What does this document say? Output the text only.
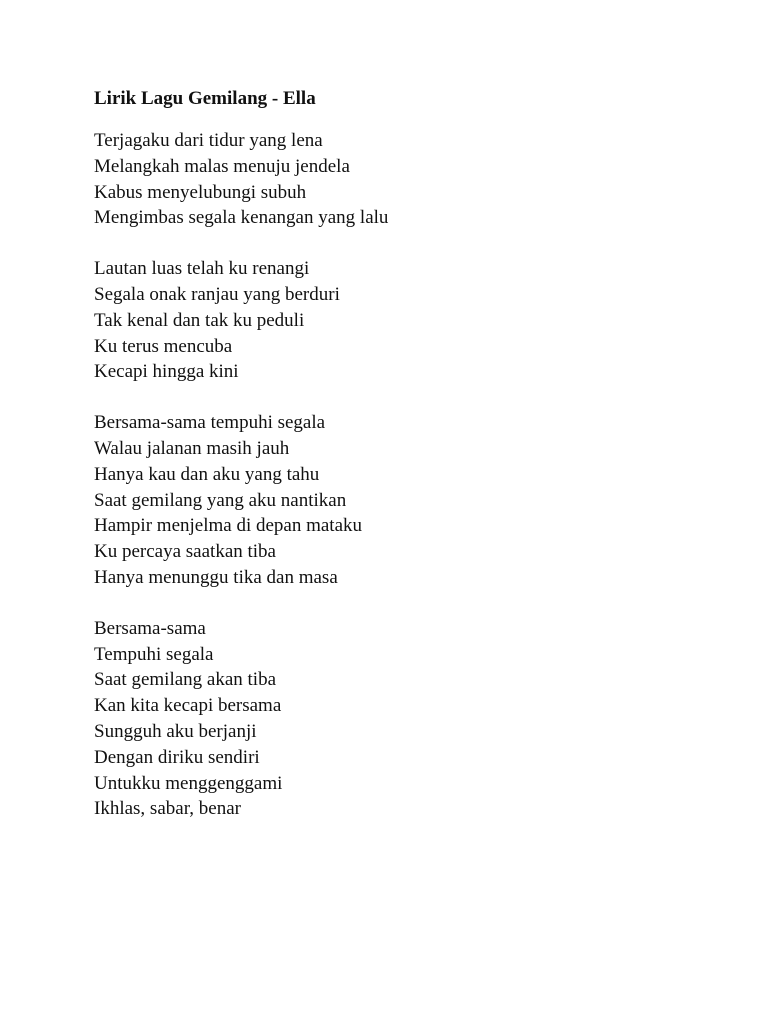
Lirik Lagu Gemilang - Ella
Terjagaku dari tidur yang lena
Melangkah malas menuju jendela
Kabus menyelubungi subuh
Mengimbas segala kenangan yang lalu
Lautan luas telah ku renangi
Segala onak ranjau yang berduri
Tak kenal dan tak ku peduli
Ku terus mencuba
Kecapi hingga kini
Bersama-sama tempuhi segala
Walau jalanan masih jauh
Hanya kau dan aku yang tahu
Saat gemilang yang aku nantikan
Hampir menjelma di depan mataku
Ku percaya saatkan tiba
Hanya menunggu tika dan masa
Bersama-sama
Tempuhi segala
Saat gemilang akan tiba
Kan kita kecapi bersama
Sungguh aku berjanji
Dengan diriku sendiri
Untukku menggenggami
Ikhlas, sabar, benar
